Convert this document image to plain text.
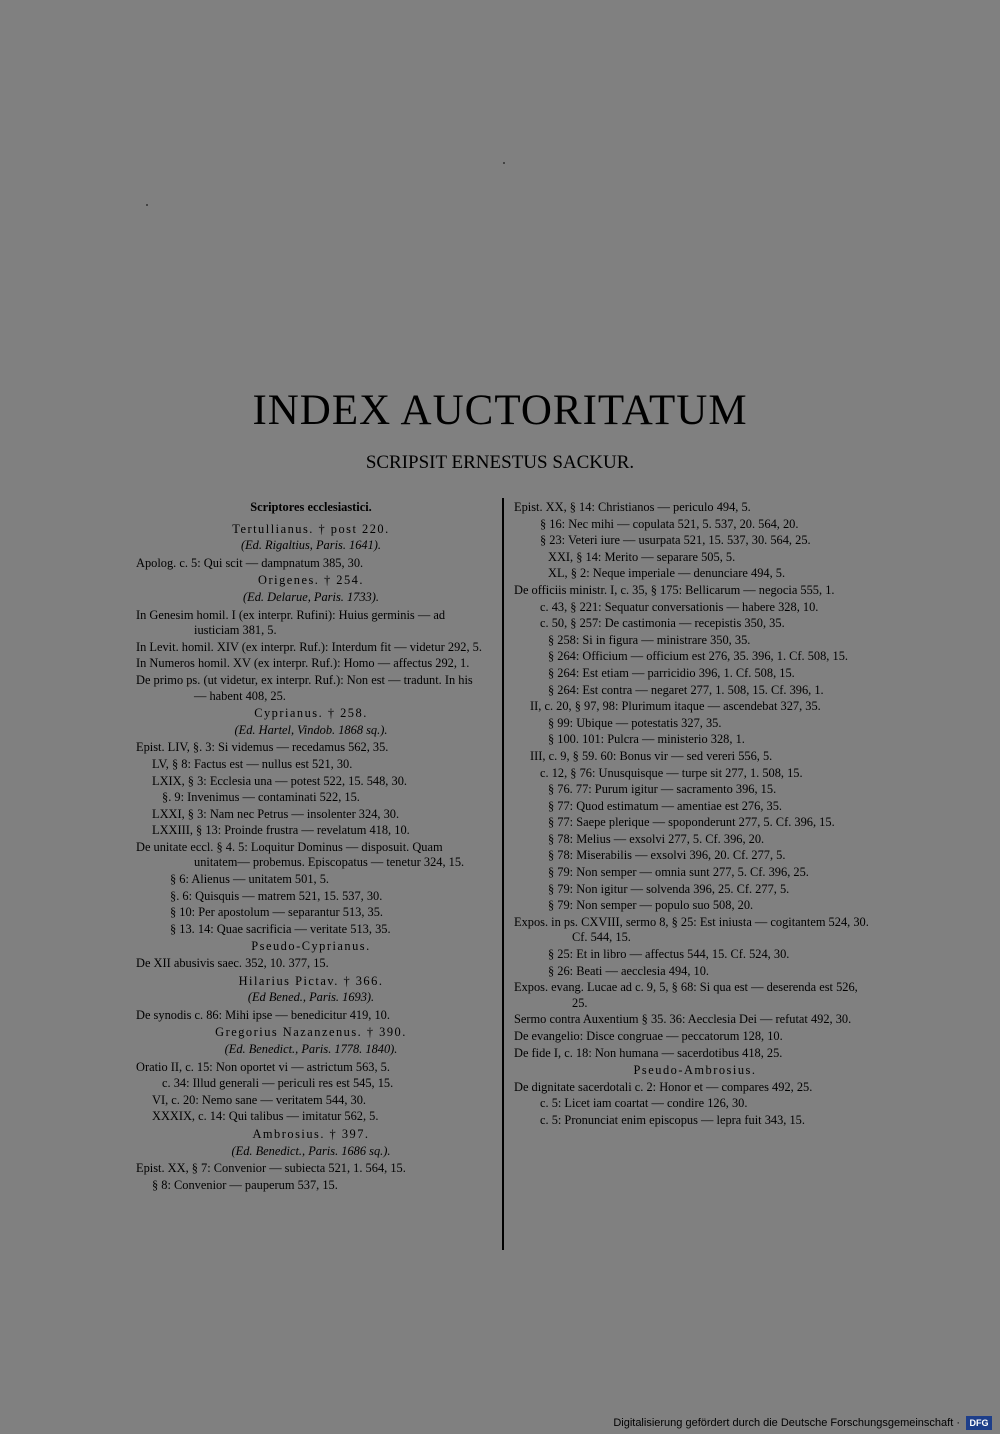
INDEX AUCTORITATUM
SCRIPSIT ERNESTUS SACKUR.

Scriptores ecclesiastici.

Tertullianus. † post 220.

(Ed. Rigaltius, Paris. 1641).

Apolog. c. 5: Qui scit — dampnatum 385, 30.

Origenes. † 254.

(Ed. Delarue, Paris. 1733).

In Genesim homil. I (ex interpr. Rufini): Huius germinis — ad iusticiam 381, 5.

In Levit. homil. XIV (ex interpr. Ruf.): Interdum fit — videtur 292, 5.

In Numeros homil. XV (ex interpr. Ruf.): Homo — affectus 292, 1.

De primo ps. (ut videtur, ex interpr. Ruf.): Non est — tradunt. In his — habent 408, 25.

Cyprianus. † 258.

(Ed. Hartel, Vindob. 1868 sq.).

Epist. LIV, §. 3: Si videmus — recedamus 562, 35.

LV, § 8: Factus est — nullus est 521, 30.

LXIX, § 3: Ecclesia una — potest 522, 15. 548, 30.

§. 9: Invenimus — contaminati 522, 15.

LXXI, § 3: Nam nec Petrus — insolenter 324, 30.

LXXIII, § 13: Proinde frustra — revelatum 418, 10.

De unitate eccl. § 4. 5: Loquitur Dominus — disposuit. Quam unitatem— probemus. Episcopatus — tenetur 324, 15.

§ 6: Alienus — unitatem 501, 5.

§. 6: Quisquis — matrem 521, 15. 537, 30.

§ 10: Per apostolum — separantur 513, 35.

§ 13. 14: Quae sacrificia — veritate 513, 35.

Pseudo-Cyprianus.

De XII abusivis saec. 352, 10. 377, 15.

Hilarius Pictav. † 366.

(Ed Bened., Paris. 1693).

De synodis c. 86: Mihi ipse — benedicitur 419, 10.

Gregorius Nazanzenus. † 390.

(Ed. Benedict., Paris. 1778. 1840).

Oratio II, c. 15: Non oportet vi — astrictum 563, 5.

c. 34: Illud generali — periculi res est 545, 15.

VI, c. 20: Nemo sane — veritatem 544, 30.

XXXIX, c. 14: Qui talibus — imitatur 562, 5.

Ambrosius. † 397.

(Ed. Benedict., Paris. 1686 sq.).

Epist. XX, § 7: Convenior — subiecta 521, 1. 564, 15.

§ 8: Convenior — pauperum 537, 15.

Epist. XX, § 14: Christianos — periculo 494, 5.

§ 16: Nec mihi — copulata 521, 5. 537, 20. 564, 20.

§ 23: Veteri iure — usurpata 521, 15. 537, 30. 564, 25.

XXI, § 14: Merito — separare 505, 5.

XL, § 2: Neque imperiale — denunciare 494, 5.

De officiis ministr. I, c. 35, § 175: Bellicarum — negocia 555, 1.

c. 43, § 221: Sequatur conversationis — habere 328, 10.

c. 50, § 257: De castimonia — recepistis 350, 35.

§ 258: Si in figura — ministrare 350, 35.

§ 264: Officium — officium est 276, 35. 396, 1. Cf. 508, 15.

§ 264: Est etiam — parricidio 396, 1. Cf. 508, 15.

§ 264: Est contra — negaret 277, 1. 508, 15. Cf. 396, 1.

II, c. 20, § 97, 98: Plurimum itaque — ascendebat 327, 35.

§ 99: Ubique — potestatis 327, 35.

§ 100. 101: Pulcra — ministerio 328, 1.

III, c. 9, § 59. 60: Bonus vir — sed vereri 556, 5.

c. 12, § 76: Unusquisque — turpe sit 277, 1. 508, 15.

§ 76. 77: Purum igitur — sacramento 396, 15.

§ 77: Quod estimatum — amentiae est 276, 35.

§ 77: Saepe plerique — spoponderunt 277, 5. Cf. 396, 15.

§ 78: Melius — exsolvi 277, 5. Cf. 396, 20.

§ 78: Miserabilis — exsolvi 396, 20. Cf. 277, 5.

§ 79: Non semper — omnia sunt 277, 5. Cf. 396, 25.

§ 79: Non igitur — solvenda 396, 25. Cf. 277, 5.

§ 79: Non semper — populo suo 508, 20.

Expos. in ps. CXVIII, sermo 8, § 25: Est iniusta — cogitantem 524, 30. Cf. 544, 15.

§ 25: Et in libro — affectus 544, 15. Cf. 524, 30.

§ 26: Beati — aecclesia 494, 10.

Expos. evang. Lucae ad c. 9, 5, § 68: Si qua est — deserenda est 526, 25.

Sermo contra Auxentium § 35. 36: Aecclesia Dei — refutat 492, 30.

De evangelio: Disce congruae — peccatorum 128, 10.

De fide I, c. 18: Non humana — sacerdotibus 418, 25.

Pseudo-Ambrosius.

De dignitate sacerdotali c. 2: Honor et — compares 492, 25.

c. 5: Licet iam coartat — condire 126, 30.

c. 5: Pronunciat enim episcopus — lepra fuit 343, 15.

Digitalisierung gefördert durch die Deutsche Forschungsgemeinschaft ·	DFG
